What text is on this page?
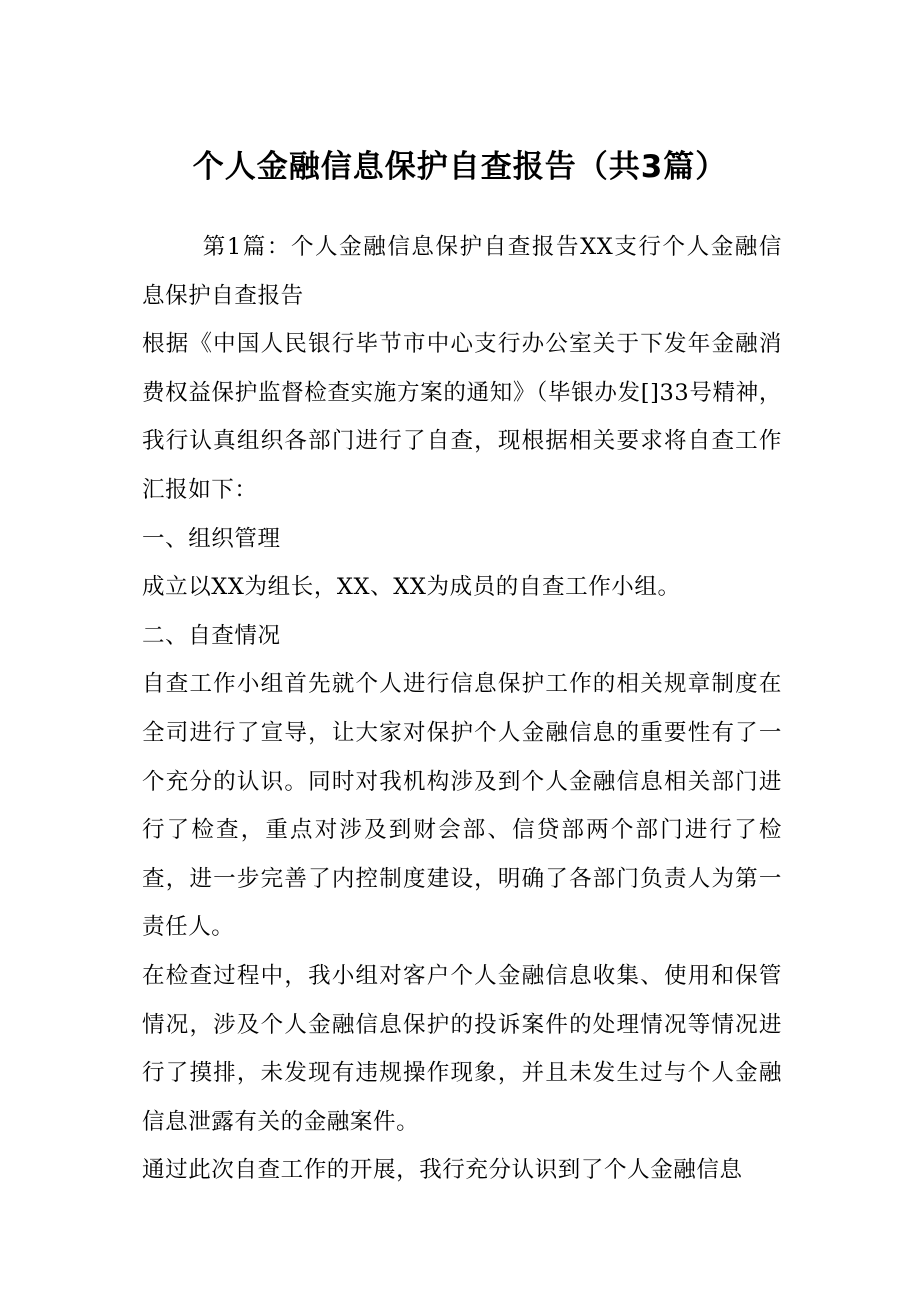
个人金融信息保护自查报告（共3篇）

第1篇：个人金融信息保护自查报告XX支行个人金融信息保护自查报告

根据《中国人民银行毕节市中心支行办公室关于下发年金融消费权益保护监督检查实施方案的通知》（毕银办发[]33号精神，我行认真组织各部门进行了自查，现根据相关要求将自查工作汇报如下：

一、组织管理

成立以XX为组长，XX、XX为成员的自查工作小组。

二、自查情况

自查工作小组首先就个人进行信息保护工作的相关规章制度在全司进行了宣导，让大家对保护个人金融信息的重要性有了一个充分的认识。同时对我机构涉及到个人金融信息相关部门进行了检查，重点对涉及到财会部、信贷部两个部门进行了检查，进一步完善了内控制度建设，明确了各部门负责人为第一责任人。

在检查过程中，我小组对客户个人金融信息收集、使用和保管情况，涉及个人金融信息保护的投诉案件的处理情况等情况进行了摸排，未发现有违规操作现象，并且未发生过与个人金融信息泄露有关的金融案件。

通过此次自查工作的开展，我行充分认识到了个人金融信息
